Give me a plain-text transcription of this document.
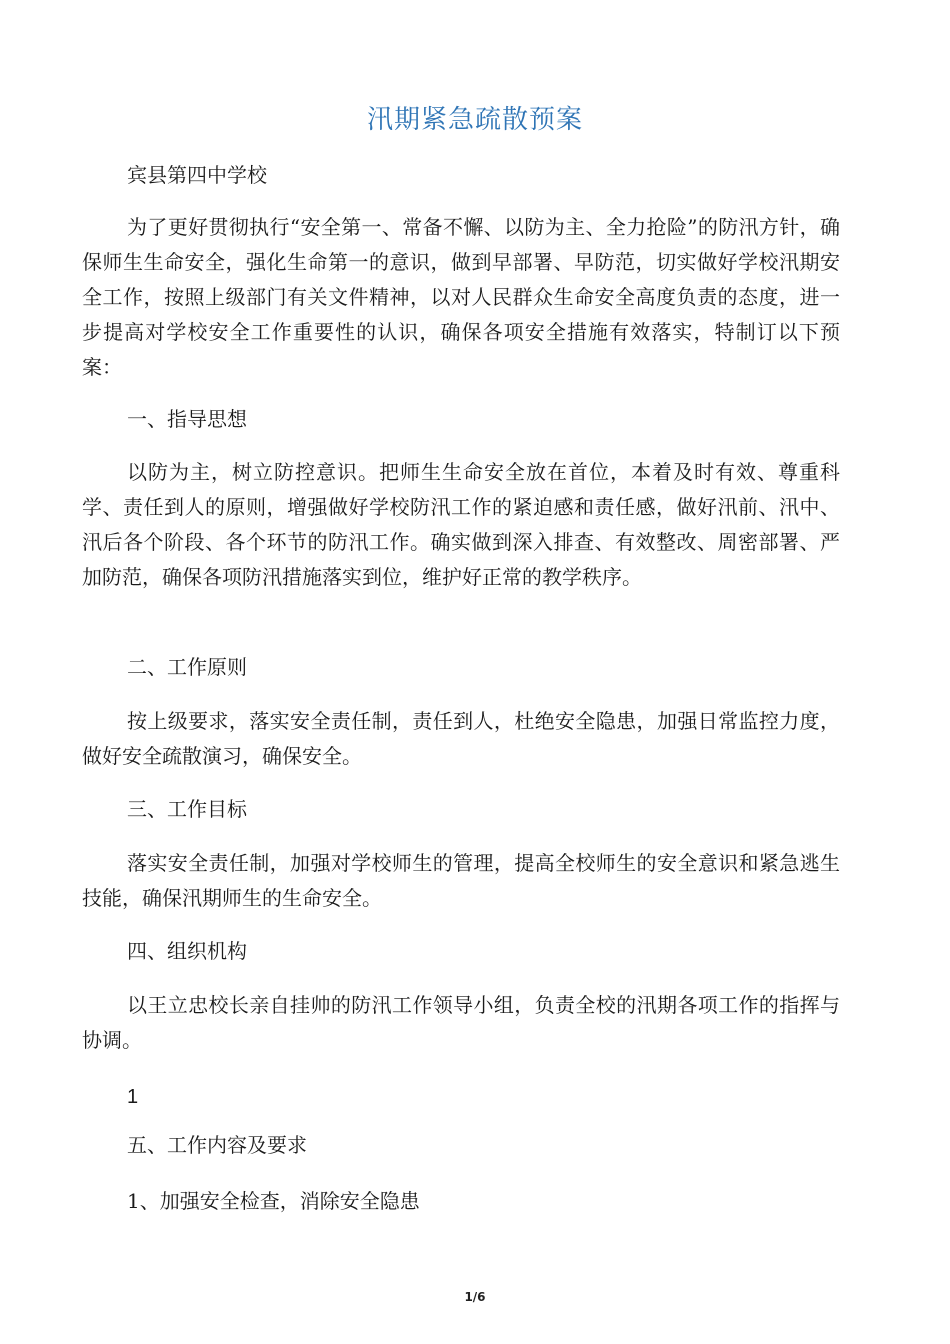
汛期紧急疏散预案

宾县第四中学校

为了更好贯彻执行“安全第一、常备不懈、以防为主、全力抢险”的防汛方针，确保师生生命安全，强化生命第一的意识，做到早部署、早防范，切实做好学校汛期安全工作，按照上级部门有关文件精神，以对人民群众生命安全高度负责的态度，进一步提高对学校安全工作重要性的认识，确保各项安全措施有效落实，特制订以下预案：

一、指导思想

以防为主，树立防控意识。把师生生命安全放在首位，本着及时有效、尊重科学、责任到人的原则，增强做好学校防汛工作的紧迫感和责任感，做好汛前、汛中、汛后各个阶段、各个环节的防汛工作。确实做到深入排查、有效整改、周密部署、严加防范，确保各项防汛措施落实到位，维护好正常的教学秩序。

二、工作原则

按上级要求，落实安全责任制，责任到人，杜绝安全隐患，加强日常监控力度，做好安全疏散演习，确保安全。

三、工作目标

落实安全责任制，加强对学校师生的管理，提高全校师生的安全意识和紧急逃生技能，确保汛期师生的生命安全。

四、组织机构

以王立忠校长亲自挂帅的防汛工作领导小组，负责全校的汛期各项工作的指挥与协调。

1

五、工作内容及要求

1、加强安全检查，消除安全隐患

1/6
